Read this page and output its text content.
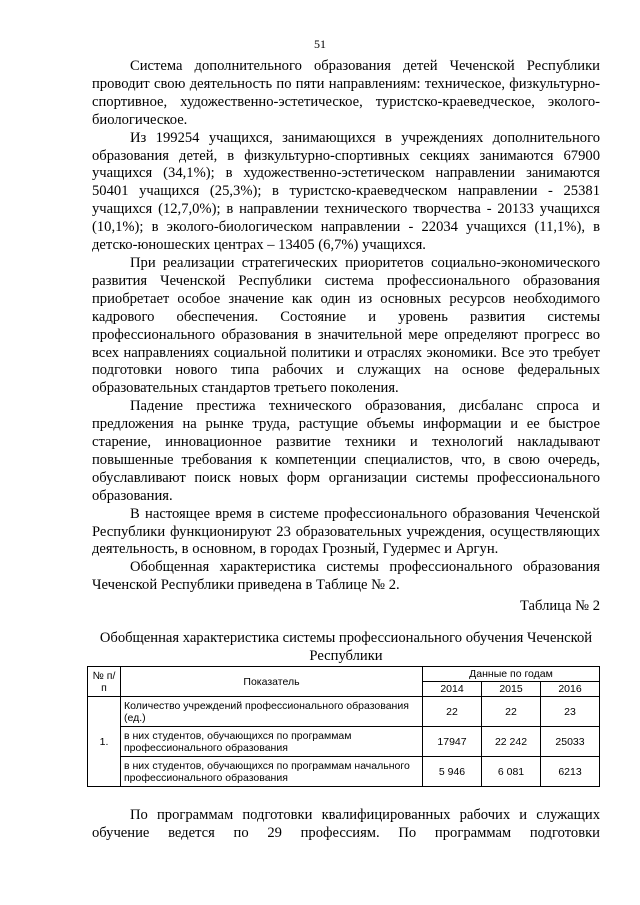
51

Система дополнительного образования детей Чеченской Республики проводит свою деятельность по пяти направлениям: техническое, физкультурно-спортивное, художественно-эстетическое, туристско-краеведческое, эколого-биологическое.

Из 199254 учащихся, занимающихся в учреждениях дополнительного образования детей, в физкультурно-спортивных секциях занимаются 67900 учащихся (34,1%); в художественно-эстетическом направлении занимаются 50401 учащихся (25,3%); в туристско-краеведческом направлении - 25381 учащихся (12,7,0%); в направлении технического творчества - 20133 учащихся (10,1%); в эколого-биологическом направлении - 22034 учащихся (11,1%), в детско-юношеских центрах – 13405 (6,7%) учащихся.

При реализации стратегических приоритетов социально-экономического развития Чеченской Республики система профессионального образования приобретает особое значение как один из основных ресурсов необходимого кадрового обеспечения. Состояние и уровень развития системы профессионального образования в значительной мере определяют прогресс во всех направлениях социальной политики и отраслях экономики. Все это требует подготовки нового типа рабочих и служащих на основе федеральных образовательных стандартов третьего поколения.

Падение престижа технического образования, дисбаланс спроса и предложения на рынке труда, растущие объемы информации и ее быстрое старение, инновационное развитие техники и технологий накладывают повышенные требования к компетенции специалистов, что, в свою очередь, обуславливают поиск новых форм организации системы профессионального образования.

В настоящее время в системе профессионального образования Чеченской Республики функционируют 23 образовательных учреждения, осуществляющих деятельность, в основном, в городах Грозный, Гудермес и Аргун.

Обобщенная характеристика системы профессионального образования Чеченской Республики приведена в Таблице № 2.

Таблица № 2
Обобщенная характеристика системы профессионального обучения Чеченской Республики
№ п/п	Показатель	Данные по годам		
		2014	2015	2016
1.	Количество учреждений профессионального образования (ед.)	22	22	23
	в них студентов, обучающихся по программам профессионального образования	17947	22 242	25033
	в них студентов, обучающихся по программам начального профессионального образования	5 946	6 081	6213

По программам подготовки квалифицированных рабочих и служащих обучение ведется по 29 профессиям. По программам подготовки
